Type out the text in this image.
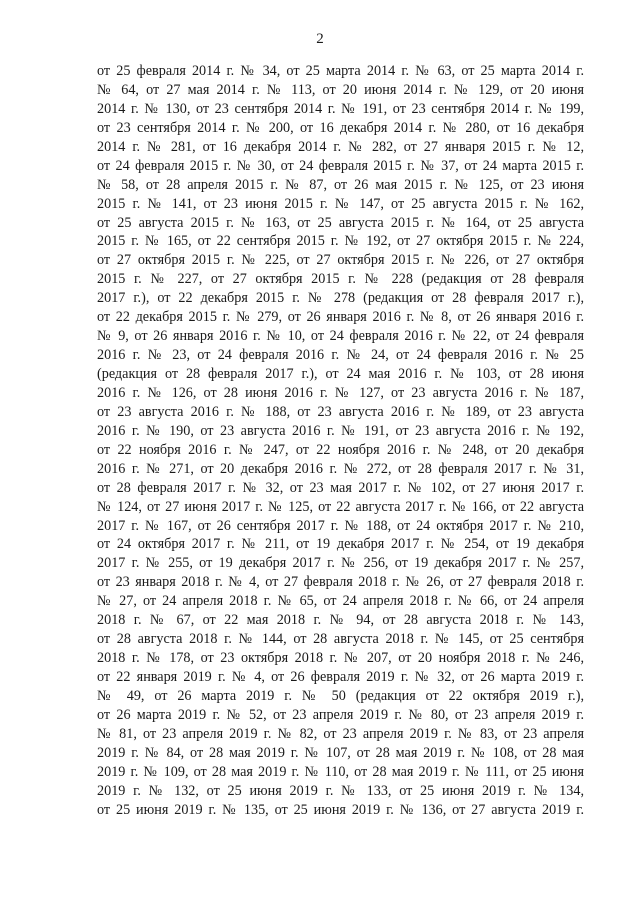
2
от 25 февраля 2014 г. № 34, от 25 марта 2014 г. № 63, от 25 марта 2014 г.
№ 64, от 27 мая 2014 г. № 113, от 20 июня 2014 г. № 129, от 20 июня
2014 г. № 130, от 23 сентября 2014 г. № 191, от 23 сентября 2014 г. № 199,
от 23 сентября 2014 г. № 200, от 16 декабря 2014 г. № 280, от 16 декабря
2014 г. № 281, от 16 декабря 2014 г. № 282, от 27 января 2015 г. № 12,
от 24 февраля 2015 г. № 30, от 24 февраля 2015 г. № 37, от 24 марта 2015 г.
№ 58, от 28 апреля 2015 г. № 87, от 26 мая 2015 г. № 125, от 23 июня
2015 г. № 141, от 23 июня 2015 г. № 147, от 25 августа 2015 г. № 162,
от 25 августа 2015 г. № 163, от 25 августа 2015 г. № 164, от 25 августа
2015 г. № 165, от 22 сентября 2015 г. № 192, от 27 октября 2015 г. № 224,
от 27 октября 2015 г. № 225, от 27 октября 2015 г. № 226, от 27 октября
2015 г. № 227, от 27 октября 2015 г. № 228 (редакция от 28 февраля
2017 г.), от 22 декабря 2015 г. № 278 (редакция от 28 февраля 2017 г.),
от 22 декабря 2015 г. № 279, от 26 января 2016 г. № 8, от 26 января 2016 г.
№ 9, от 26 января 2016 г. № 10, от 24 февраля 2016 г. № 22, от 24 февраля
2016 г. № 23, от 24 февраля 2016 г. № 24, от 24 февраля 2016 г. № 25
(редакция от 28 февраля 2017 г.), от 24 мая 2016 г. № 103, от 28 июня
2016 г. № 126, от 28 июня 2016 г. № 127, от 23 августа 2016 г. № 187,
от 23 августа 2016 г. № 188, от 23 августа 2016 г. № 189, от 23 августа
2016 г. № 190, от 23 августа 2016 г. № 191, от 23 августа 2016 г. № 192,
от 22 ноября 2016 г. № 247, от 22 ноября 2016 г. № 248, от 20 декабря
2016 г. № 271, от 20 декабря 2016 г. № 272, от 28 февраля 2017 г. № 31,
от 28 февраля 2017 г. № 32, от 23 мая 2017 г. № 102, от 27 июня 2017 г.
№ 124, от 27 июня 2017 г. № 125, от 22 августа 2017 г. № 166, от 22 августа
2017 г. № 167, от 26 сентября 2017 г. № 188, от 24 октября 2017 г. № 210,
от 24 октября 2017 г. № 211, от 19 декабря 2017 г. № 254, от 19 декабря
2017 г. № 255, от 19 декабря 2017 г. № 256, от 19 декабря 2017 г. № 257,
от 23 января 2018 г. № 4, от 27 февраля 2018 г. № 26, от 27 февраля 2018 г.
№ 27, от 24 апреля 2018 г. № 65, от 24 апреля 2018 г. № 66, от 24 апреля
2018 г. № 67, от 22 мая 2018 г. № 94, от 28 августа 2018 г. № 143,
от 28 августа 2018 г. № 144, от 28 августа 2018 г. № 145, от 25 сентября
2018 г. № 178, от 23 октября 2018 г. № 207, от 20 ноября 2018 г. № 246,
от 22 января 2019 г. № 4, от 26 февраля 2019 г. № 32, от 26 марта 2019 г.
№ 49, от 26 марта 2019 г. № 50 (редакция от 22 октября 2019 г.),
от 26 марта 2019 г. № 52, от 23 апреля 2019 г. № 80, от 23 апреля 2019 г.
№ 81, от 23 апреля 2019 г. № 82, от 23 апреля 2019 г. № 83, от 23 апреля
2019 г. № 84, от 28 мая 2019 г. № 107, от 28 мая 2019 г. № 108, от 28 мая
2019 г. № 109, от 28 мая 2019 г. № 110, от 28 мая 2019 г. № 111, от 25 июня
2019 г. № 132, от 25 июня 2019 г. № 133, от 25 июня 2019 г. № 134,
от 25 июня 2019 г. № 135, от 25 июня 2019 г. № 136, от 27 августа 2019 г.
